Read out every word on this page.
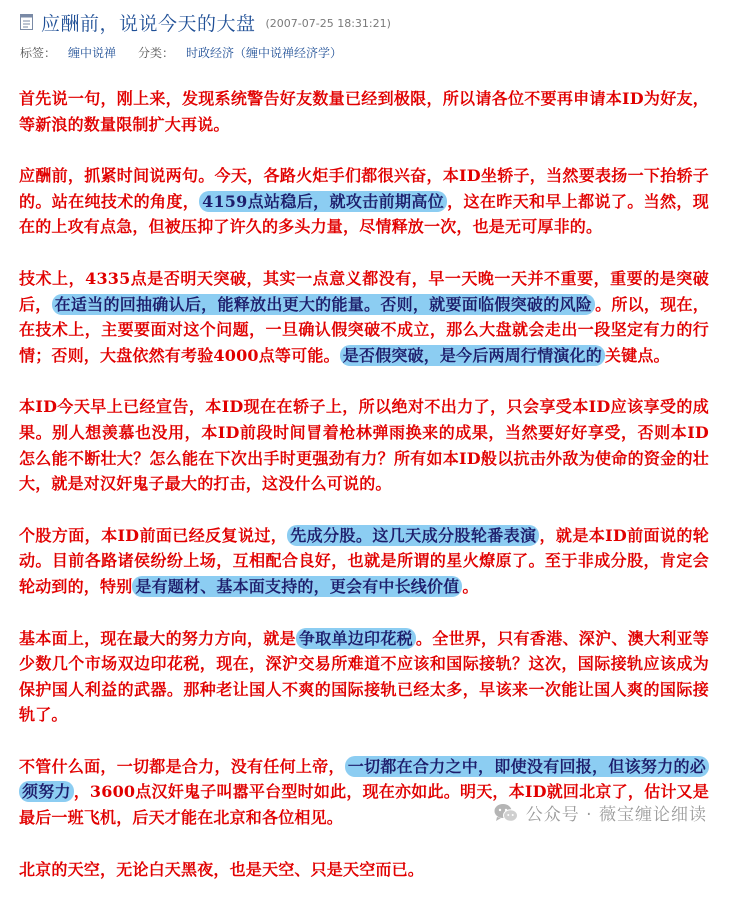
应酬前，说说今天的大盘 (2007-07-25 18:31:21)
标签： 缠中说禅 分类： 时政经济（缠中说禅经济学）

首先说一句，刚上来，发现系统警告好友数量已经到极限，所以请各位不要再申请本ID为好友，等新浪的数量限制扩大再说。

应酬前，抓紧时间说两句。今天，各路火炬手们都很兴奋，本ID坐轿子，当然要表扬一下抬轿子的。站在纯技术的角度， 4159点站稳后，就攻击前期高位 ，这在昨天和早上都说了。当然，现在的上攻有点急，但被压抑了许久的多头力量，尽情释放一次，也是无可厚非的。

技术上，4335点是否明天突破，其实一点意义都没有，早一天晚一天并不重要，重要的是突破后， 在适当的回抽确认后，能释放出更大的能量。否则，就要面临假突破的风险 。所以，现在，在技术上，主要要面对这个问题，一旦确认假突破不成立，那么大盘就会走出一段坚定有力的行情；否则，大盘依然有考验4000点等可能。 是否假突破，是今后两周行情演化的 关键点。

本ID今天早上已经宣告，本ID现在在轿子上，所以绝对不出力了，只会享受本ID应该享受的成果。别人想羡慕也没用，本ID前段时间冒着枪林弹雨换来的成果，当然要好好享受，否则本ID怎么能不断壮大？怎么能在下次出手时更强劲有力？所有如本ID般以抗击外敌为使命的资金的壮大，就是对汉奸鬼子最大的打击，这没什么可说的。

个股方面，本ID前面已经反复说过， 先成分股。这几天成分股轮番表演 ，就是本ID前面说的轮动。目前各路诸侯纷纷上场，互相配合良好，也就是所谓的星火燎原了。至于非成分股，肯定会轮动到的，特别 是有题材、基本面支持的，更会有中长线价值 。

基本面上，现在最大的努力方向，就是 争取单边印花税 。全世界，只有香港、深沪、澳大利亚等少数几个市场双边印花税，现在，深沪交易所难道不应该和国际接轨？这次，国际接轨应该成为保护国人利益的武器。那种老让国人不爽的国际接轨已经太多，早该来一次能让国人爽的国际接轨了。

不管什么面，一切都是合力，没有任何上帝， 一切都在合力之中，即使没有回报，但该努力的必须努力 ，3600点汉奸鬼子叫嚣平台型时如此，现在亦如此。明天，本ID就回北京了，估计又是最后一班飞机，后天才能在北京和各位相见。

北京的天空，无论白天黑夜，也是天空、只是天空而已。

公众号 · 薇宝缠论细读
